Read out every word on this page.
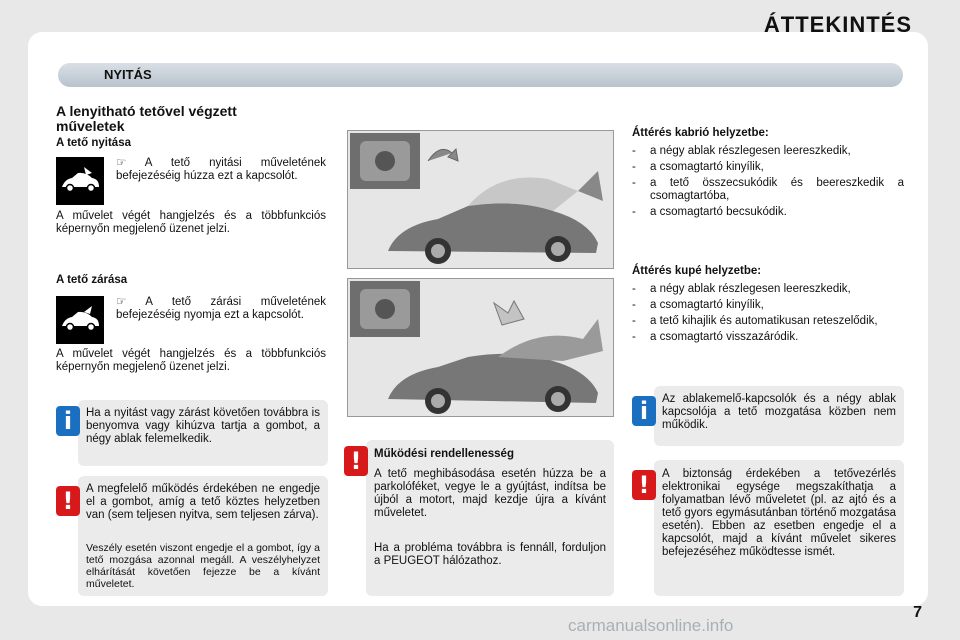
ÁTTEKINTÉS
NYITÁS
A lenyitható tetővel végzett műveletek
A tető nyitása
☞ A tető nyitási műveletének befejezéséig húzza ezt a kapcsolót.
A művelet végét hangjelzés és a többfunkciós képernyőn megjelenő üzenet jelzi.
A tető zárása
☞ A tető zárási műveletének befejezéséig nyomja ezt a kapcsolót.
A művelet végét hangjelzés és a többfunkciós képernyőn megjelenő üzenet jelzi.
Ha a nyitást vagy zárást követően továbbra is benyomva vagy kihúzva tartja a gombot, a négy ablak felemelkedik.
i
A megfelelő működés érdekében ne engedje el a gombot, amíg a tető köztes helyzetben van (sem teljesen nyitva, sem teljesen zárva).
Veszély esetén viszont engedje el a gombot, így a tető mozgása azonnal megáll. A veszélyhelyzet elhárítását követően fejezze be a kívánt műveletet.
!
Működési rendellenesség
A tető meghibásodása esetén húzza be a parkolóféket, vegye le a gyújtást, indítsa be újból a motort, majd kezdje újra a kívánt műveletet.
Ha a probléma továbbra is fennáll, forduljon a PEUGEOT hálózathoz.
!
Áttérés kabrió helyzetbe:
- a négy ablak részlegesen leereszkedik,
- a csomagtartó kinyílik,
- a tető összecsukódik és beereszkedik a csomagtartóba,
- a csomagtartó becsukódik.
Áttérés kupé helyzetbe:
- a négy ablak részlegesen leereszkedik,
- a csomagtartó kinyílik,
- a tető kihajlik és automatikusan reteszelődik,
- a csomagtartó visszazáródik.
Az ablakemelő-kapcsolók és a négy ablak kapcsolója a tető mozgatása közben nem működik.
i
A biztonság érdekében a tetővezérlés elektronikai egysége megszakíthatja a folyamatban lévő műveletet (pl. az ajtó és a tető gyors egymásutánban történő mozgatása esetén). Ebben az esetben engedje el a kapcsolót, majd a kívánt művelet sikeres befejezéséhez működtesse ismét.
!
7
carmanualsonline.info
